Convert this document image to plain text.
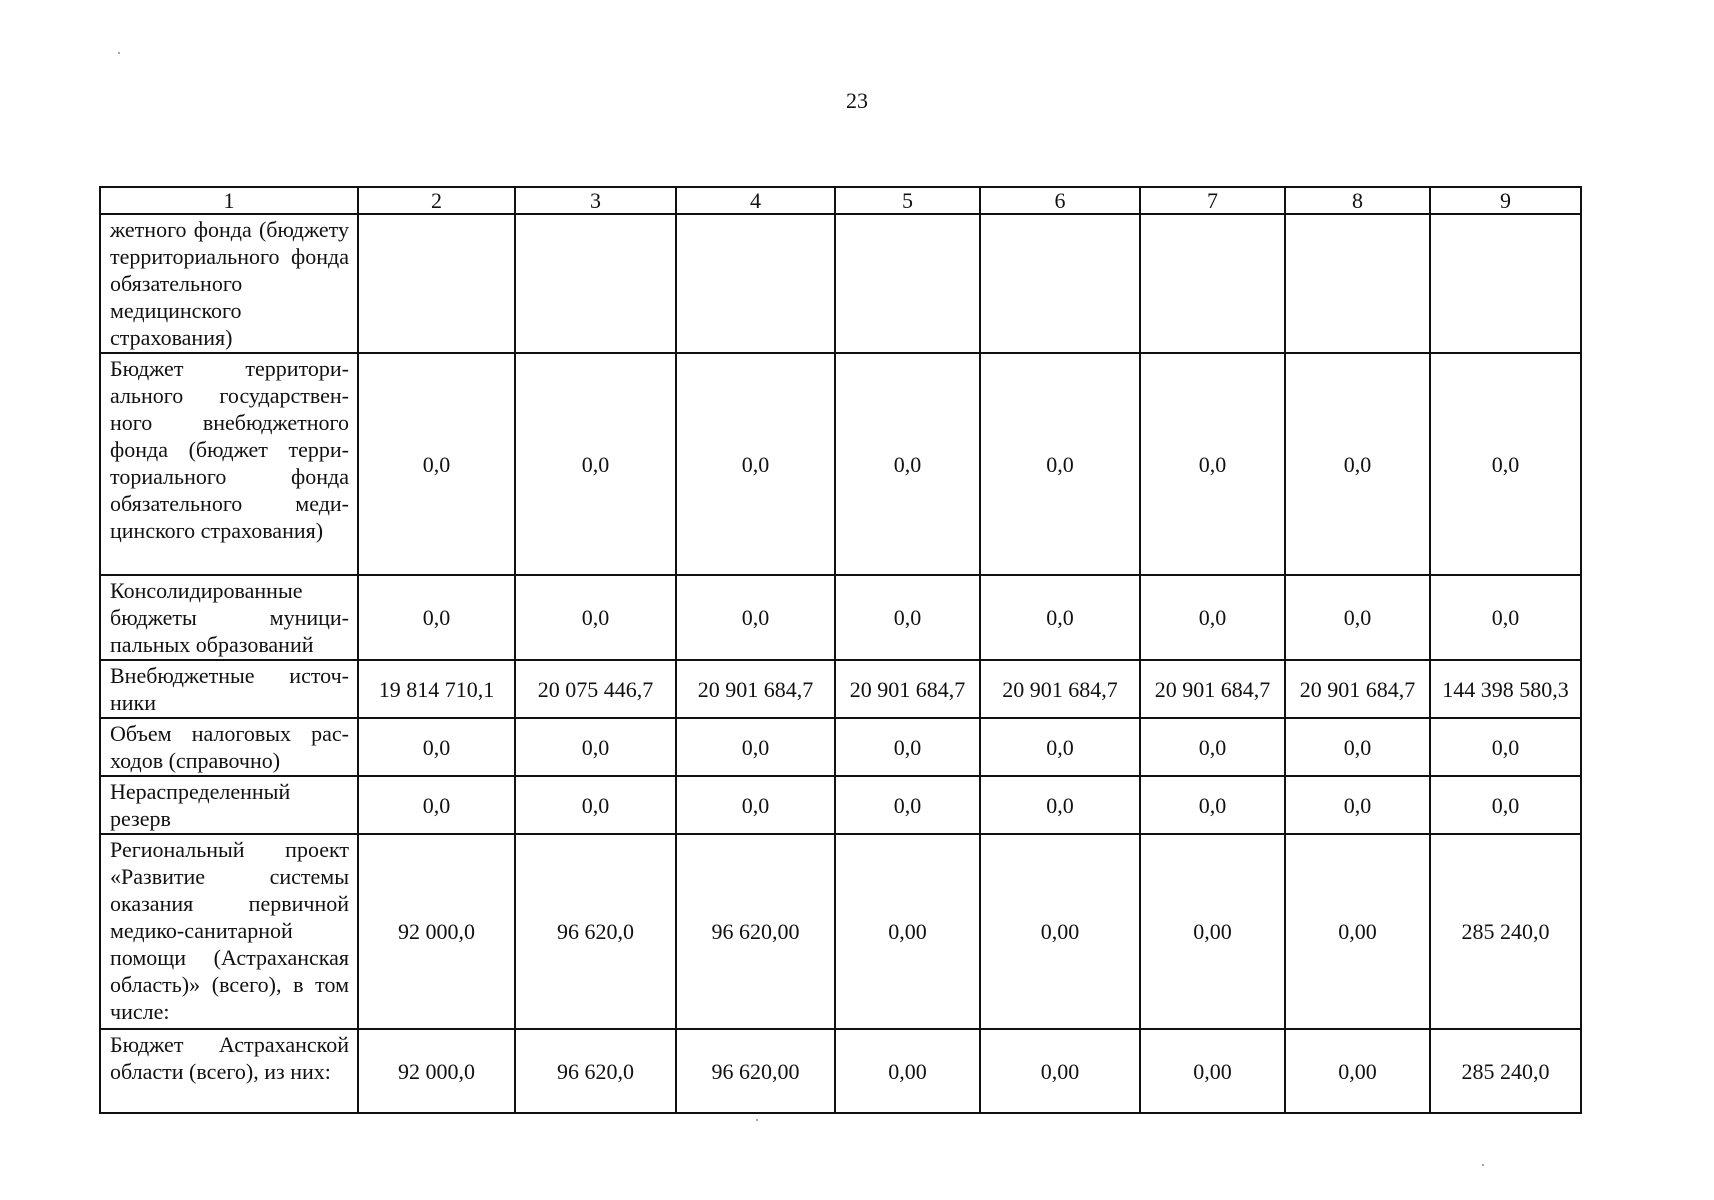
23
1	2	3	4	5	6	7	8	9
жетного фонда (бюджету территориального фонда обязательного медицинского страхования)								
Бюджет территориального государственного внебюджетного фонда (бюджет территориального фонда обязательного медицинского страхования)	0,0	0,0	0,0	0,0	0,0	0,0	0,0	0,0
Консолидированные бюджеты муниципальных образований	0,0	0,0	0,0	0,0	0,0	0,0	0,0	0,0
Внебюджетные источники	19 814 710,1	20 075 446,7	20 901 684,7	20 901 684,7	20 901 684,7	20 901 684,7	20 901 684,7	144 398 580,3
Объем налоговых расходов (справочно)	0,0	0,0	0,0	0,0	0,0	0,0	0,0	0,0
Нераспределенный резерв	0,0	0,0	0,0	0,0	0,0	0,0	0,0	0,0
Региональный проект «Развитие системы оказания первичной медико-санитарной помощи (Астраханская область)» (всего), в том числе:	92 000,0	96 620,0	96 620,00	0,00	0,00	0,00	0,00	285 240,0
Бюджет Астраханской области (всего), из них:	92 000,0	96 620,0	96 620,00	0,00	0,00	0,00	0,00	285 240,0
